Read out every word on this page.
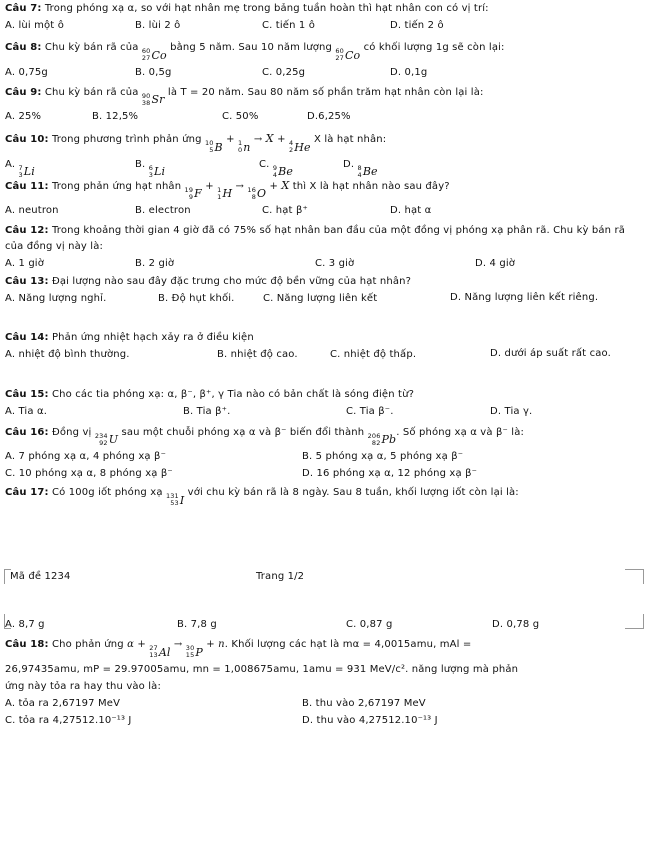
Câu 7: Trong phóng xạ α, so với hạt nhân mẹ trong bảng tuần hoàn thì hạt nhân con có vị trí:
A. lùi một ô	B. lùi 2 ô	C. tiến 1 ô	D. tiến 2 ô
Câu 8: Chu kỳ bán rã của 60
27 Co
bằng 5 năm. Sau 10 năm lượng 60
27 Co
có khối lượng 1g sẽ còn lại:
A. 0,75g	B. 0,5g	C. 0,25g	D. 0,1g
Câu 9: Chu kỳ bán rã của 90
38 Sr
là T = 20 năm. Sau 80 năm số phần trăm hạt nhân còn lại là:
A. 25%	B. 12,5%	C. 50%	D.6,25%
Câu 10: Trong phương trình phản ứng 10
5 B
+ 1
0 n
→ X + 4
2 He
X là hạt nhân:
A. 7
3 Li
B. 6
3 Li
C. 9
4 Be
D. 8
4 Be
Câu 11: Trong phản ứng hạt nhân 19
9 F
+ 1
1 H
→ 16
8 O
+ X thì X là hạt nhân nào sau đây?
A. neutron	B. electron	C. hạt β⁺	D. hạt α
Câu 12: Trong khoảng thời gian 4 giờ đã có 75% số hạt nhân ban đầu của một đồng vị phóng xạ phân rã. Chu kỳ bán rã của đồng vị này là:
A. 1 giờ	B. 2 giờ	C. 3 giờ	D. 4 giờ
Câu 13: Đại lượng nào sau đây đặc trưng cho mức độ bền vững của hạt nhân?
A. Năng lượng nghỉ.	B. Độ hụt khối.	C. Năng lượng liên kết	D. Năng lượng liên kết riêng.
Câu 14: Phản ứng nhiệt hạch xảy ra ở điều kiện
A. nhiệt độ bình thường.	B. nhiệt độ cao.	C. nhiệt độ thấp.	D. dưới áp suất rất cao.
Câu 15: Cho các tia phóng xạ: α, β⁻, β⁺, γ Tia nào có bản chất là sóng điện từ?
A. Tia α.	B. Tia β⁺.	C. Tia β⁻.	D. Tia γ.
Câu 16: Đồng vị 234
92 U
sau một chuỗi phóng xạ α và β⁻ biến đổi thành 206
82 Pb
. Số phóng xạ α và β⁻ là:
A. 7 phóng xạ α, 4 phóng xạ β⁻	B. 5 phóng xạ α, 5 phóng xạ β⁻
C. 10 phóng xạ α, 8 phóng xạ β⁻	D. 16 phóng xạ α, 12 phóng xạ β⁻
Câu 17: Có 100g iốt phóng xạ 131
53 I
với chu kỳ bán rã là 8 ngày. Sau 8 tuần, khối lượng iốt còn lại là:
Mã đề 1234	Trang 1/2
A. 8,7 g	B. 7,8 g	C. 0,87 g	D. 0,78 g
Câu 18: Cho phản ứng α + 27
13 Al
→ 30
15 P
+ n. Khối lượng các hạt là mα = 4,0015amu, mAl =
26,97435amu, mP = 29.97005amu, mn = 1,008675amu, 1amu = 931 MeV/c². năng lượng mà phản
ứng này tỏa ra hay thu vào là:
A. tỏa ra 2,67197 MeV	B. thu vào 2,67197 MeV
C. tỏa ra 4,27512.10⁻¹³ J	D. thu vào 4,27512.10⁻¹³ J
